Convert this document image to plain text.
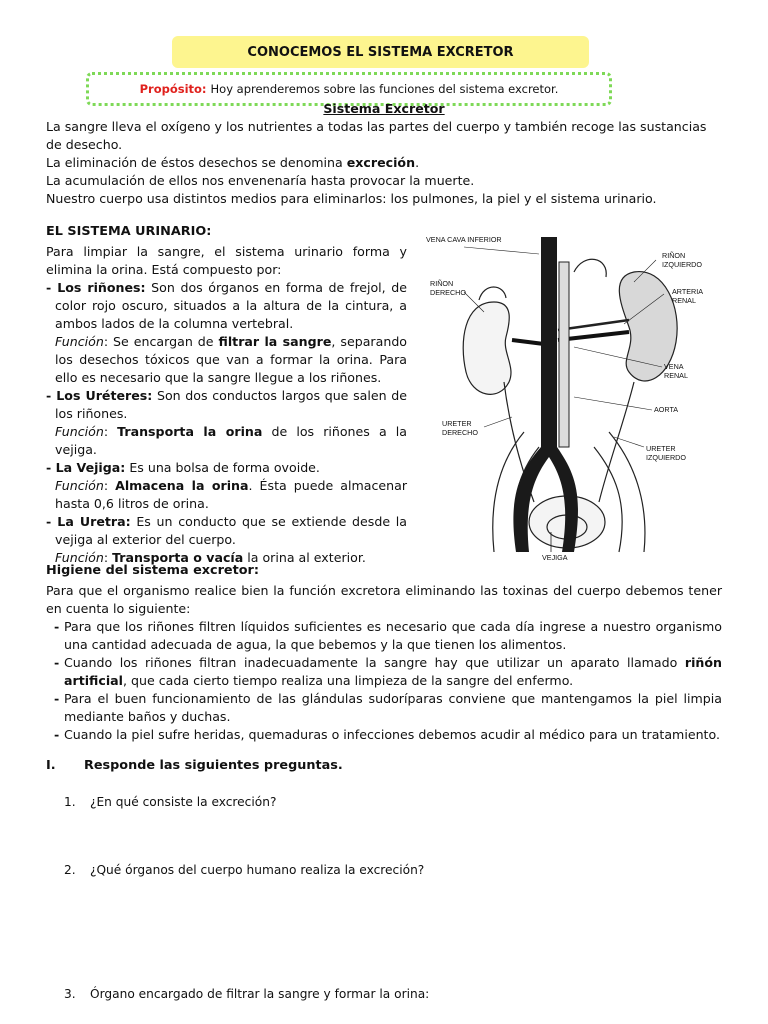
CONOCEMOS EL SISTEMA EXCRETOR
Propósito: Hoy aprenderemos sobre las funciones del sistema excretor.
Sistema Excretor
La sangre lleva el oxígeno y los nutrientes a todas las partes del cuerpo y también recoge las sustancias de desecho.
La eliminación de éstos desechos se denomina excreción.
La acumulación de ellos nos envenenaría hasta provocar la muerte.
Nuestro cuerpo usa distintos medios para eliminarlos: los pulmones, la piel y el sistema urinario.
EL SISTEMA URINARIO:

Para limpiar la sangre, el sistema urinario forma y elimina la orina. Está compuesto por:

- Los riñones: Son dos órganos en forma de frejol, de color rojo oscuro, situados a la altura de la cintura, a ambos lados de la columna vertebral.

Función: Se encargan de filtrar la sangre, separando los desechos tóxicos que van a formar la orina. Para ello es necesario que la sangre llegue a los riñones.

- Los Uréteres: Son dos conductos largos que salen de los riñones.

Función: Transporta la orina de los riñones a la vejiga.

- La Vejiga: Es una bolsa de forma ovoide.

Función: Almacena la orina. Ésta puede almacenar hasta 0,6 litros de orina.

- La Uretra: Es un conducto que se extiende desde la vejiga al exterior del cuerpo.

Función: Transporta o vacía la orina al exterior.

VENA CAVA INFERIOR
RIÑON
IZQUIERDO
RIÑON
DERECHO	ARTERIA
RENAL
VENA
RENAL
AORTA
URETER
DERECHO
URETER
IZQUIERDO
VEJIGA
Higiene del sistema excretor:

Para que el organismo realice bien la función excretora eliminando las toxinas del cuerpo debemos tener en cuenta lo siguiente:

- Para que los riñones filtren líquidos suficientes es necesario que cada día ingrese a nuestro organismo una cantidad adecuada de agua, la que bebemos y la que tienen los alimentos.
- Cuando los riñones filtran inadecuadamente la sangre hay que utilizar un aparato llamado riñón artificial, que cada cierto tiempo realiza una limpieza de la sangre del enfermo.
- Para el buen funcionamiento de las glándulas sudoríparas conviene que mantengamos la piel limpia mediante baños y duchas.
- Cuando la piel sufre heridas, quemaduras o infecciones debemos acudir al médico para un tratamiento.
I. Responde las siguientes preguntas.
1. ¿En qué consiste la excreción?
2. ¿Qué órganos del cuerpo humano realiza la excreción?
3. Órgano encargado de filtrar la sangre y formar la orina:
